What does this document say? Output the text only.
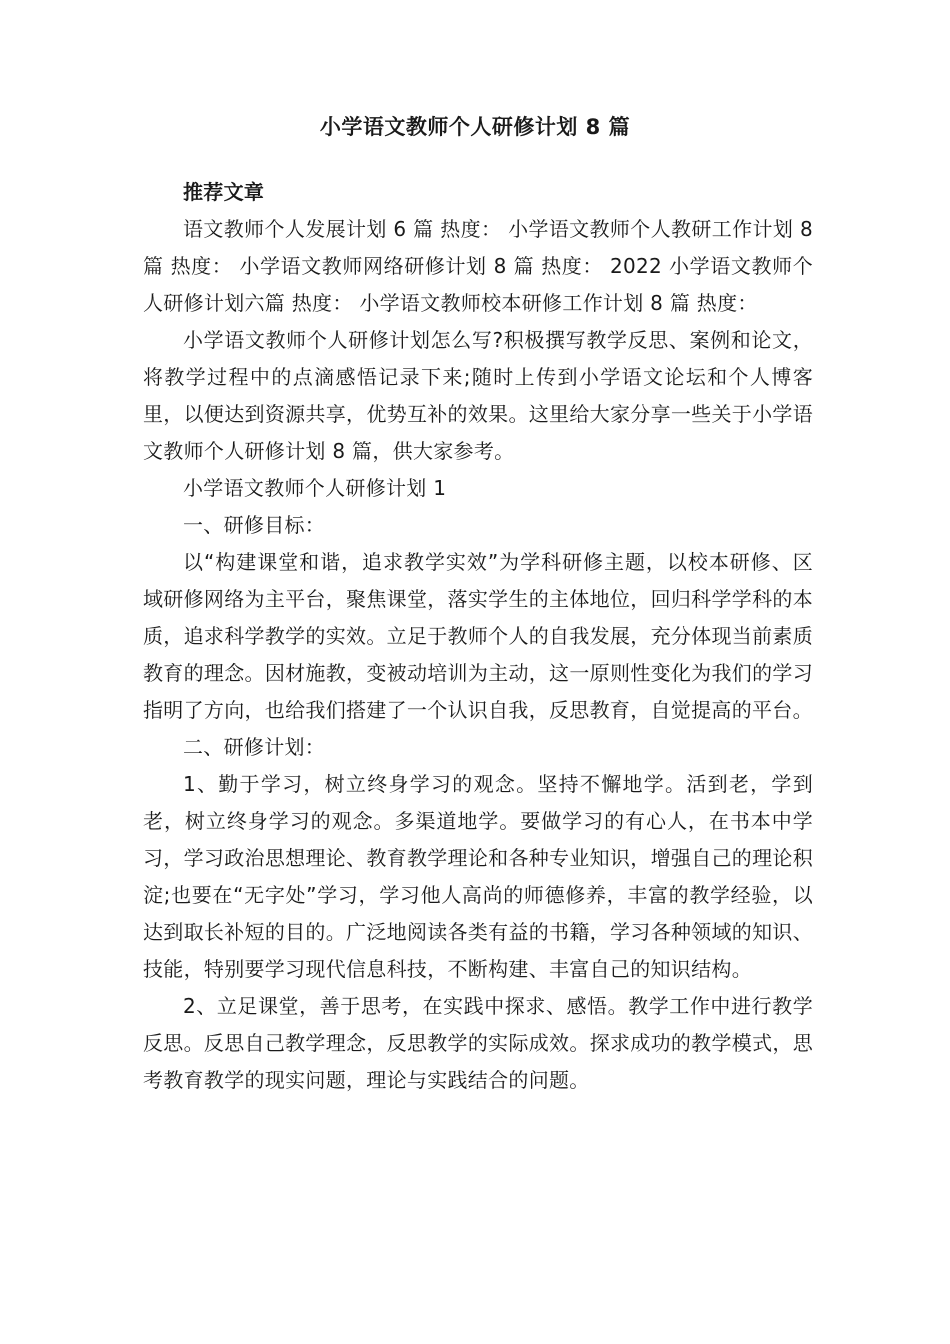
小学语文教师个人研修计划 8 篇

推荐文章

语文教师个人发展计划 6 篇 热度： 小学语文教师个人教研工作计划 8 篇 热度： 小学语文教师网络研修计划 8 篇 热度： 2022 小学语文教师个人研修计划六篇 热度： 小学语文教师校本研修工作计划 8 篇 热度：

小学语文教师个人研修计划怎么写?积极撰写教学反思、案例和论文，将教学过程中的点滴感悟记录下来;随时上传到小学语文论坛和个人博客里，以便达到资源共享，优势互补的效果。这里给大家分享一些关于小学语文教师个人研修计划 8 篇，供大家参考。

小学语文教师个人研修计划 1

一、研修目标：

以“构建课堂和谐，追求教学实效”为学科研修主题，以校本研修、区域研修网络为主平台，聚焦课堂，落实学生的主体地位，回归科学学科的本质，追求科学教学的实效。立足于教师个人的自我发展，充分体现当前素质教育的理念。因材施教，变被动培训为主动，这一原则性变化为我们的学习指明了方向，也给我们搭建了一个认识自我，反思教育，自觉提高的平台。

二、研修计划：

1、勤于学习，树立终身学习的观念。坚持不懈地学。活到老，学到老，树立终身学习的观念。多渠道地学。要做学习的有心人，在书本中学习，学习政治思想理论、教育教学理论和各种专业知识，增强自己的理论积淀;也要在“无字处”学习，学习他人高尚的师德修养，丰富的教学经验，以达到取长补短的目的。广泛地阅读各类有益的书籍，学习各种领域的知识、技能，特别要学习现代信息科技，不断构建、丰富自己的知识结构。

2、立足课堂，善于思考，在实践中探求、感悟。教学工作中进行教学反思。反思自己教学理念，反思教学的实际成效。探求成功的教学模式，思考教育教学的现实问题，理论与实践结合的问题。
